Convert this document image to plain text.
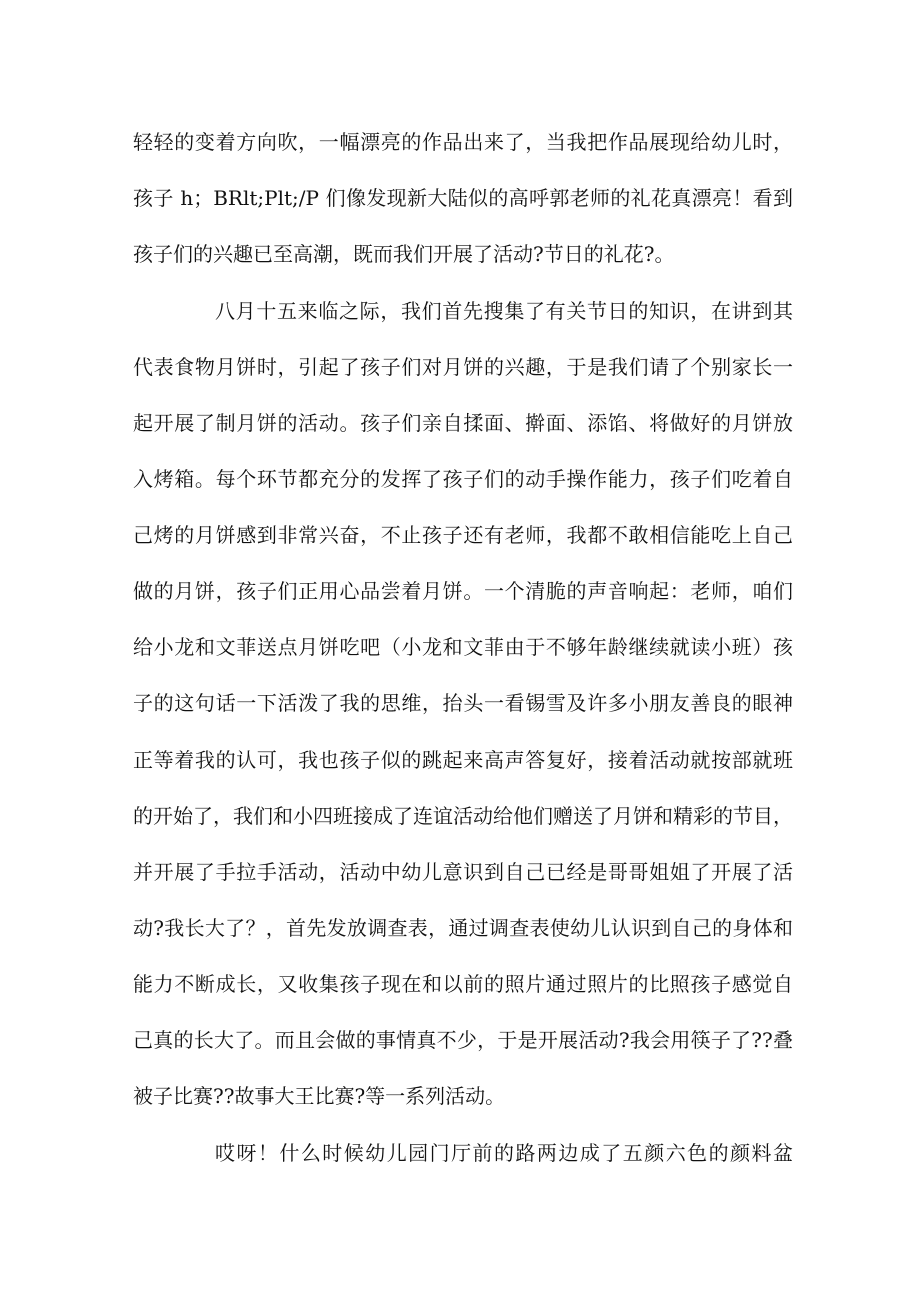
轻轻的变着方向吹，一幅漂亮的作品出来了，当我把作品展现给幼儿时，
孩子 h；BRlt;Plt;/P 们像发现新大陆似的高呼郭老师的礼花真漂亮！看到
孩子们的兴趣已至高潮，既而我们开展了活动?节日的礼花?。
八月十五来临之际，我们首先搜集了有关节日的知识，在讲到其
代表食物月饼时，引起了孩子们对月饼的兴趣，于是我们请了个别家长一
起开展了制月饼的活动。孩子们亲自揉面、擀面、添馅、将做好的月饼放
入烤箱。每个环节都充分的发挥了孩子们的动手操作能力，孩子们吃着自
己烤的月饼感到非常兴奋，不止孩子还有老师，我都不敢相信能吃上自己
做的月饼，孩子们正用心品尝着月饼。一个清脆的声音响起：老师，咱们
给小龙和文菲送点月饼吃吧（小龙和文菲由于不够年龄继续就读小班）孩
子的这句话一下活泼了我的思维，抬头一看锡雪及许多小朋友善良的眼神
正等着我的认可，我也孩子似的跳起来高声答复好，接着活动就按部就班
的开始了，我们和小四班接成了连谊活动给他们赠送了月饼和精彩的节目，
并开展了手拉手活动，活动中幼儿意识到自己已经是哥哥姐姐了开展了活
动?我长大了？，首先发放调查表，通过调查表使幼儿认识到自己的身体和
能力不断成长，又收集孩子现在和以前的照片通过照片的比照孩子感觉自
己真的长大了。而且会做的事情真不少，于是开展活动?我会用筷子了??叠
被子比赛??故事大王比赛?等一系列活动。
哎呀！什么时候幼儿园门厅前的路两边成了五颜六色的颜料盆
